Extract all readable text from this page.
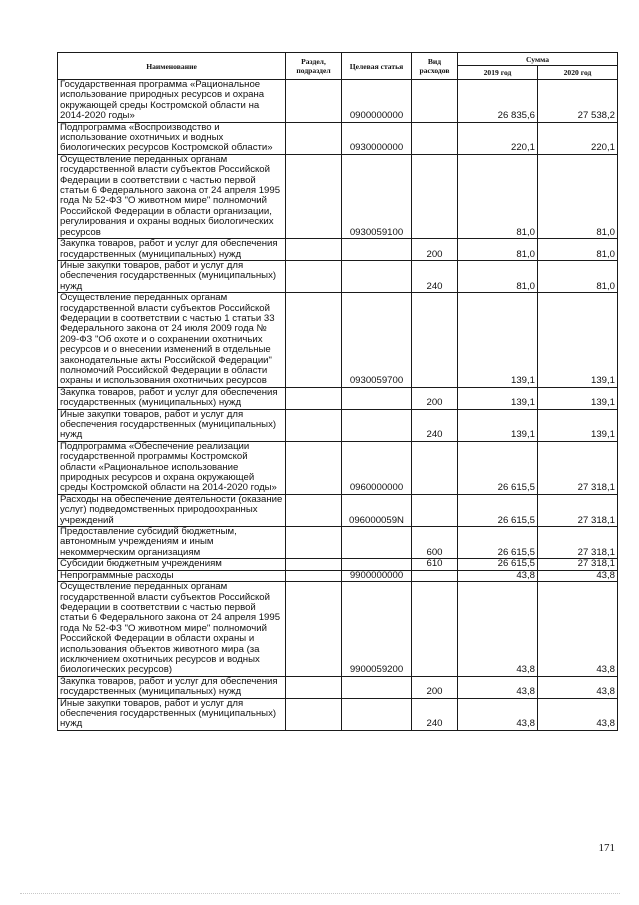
Наименование	Раздел, подраздел	Целевая статья	Вид расходов	Сумма	
				2019 год	2020 год
Государственная программа «Рациональное использование природных ресурсов и охрана окружающей среды Костромской области на 2014-2020 годы»		0900000000		26 835,6	27 538,2
Подпрограмма «Воспроизводство и использование охотничьих и водных биологических ресурсов Костромской области»		0930000000		220,1	220,1
Осуществление переданных органам государственной власти субъектов Российской Федерации в соответствии с частью первой статьи 6 Федерального закона от 24 апреля 1995 года № 52-ФЗ "О животном мире" полномочий Российской Федерации в области организации, регулирования и охраны водных биологических ресурсов		0930059100		81,0	81,0
Закупка товаров, работ и услуг для обеспечения государственных (муниципальных) нужд			200	81,0	81,0
Иные закупки товаров, работ и услуг для обеспечения государственных (муниципальных) нужд			240	81,0	81,0
Осуществление переданных органам государственной власти субъектов Российской Федерации в соответствии с частью 1 статьи 33 Федерального закона от 24 июля 2009 года № 209-ФЗ "Об охоте и о сохранении охотничьих ресурсов и о внесении изменений в отдельные законодательные акты Российской Федерации" полномочий Российской Федерации в области охраны и использования охотничьих ресурсов		0930059700		139,1	139,1
Закупка товаров, работ и услуг для обеспечения государственных (муниципальных) нужд			200	139,1	139,1
Иные закупки товаров, работ и услуг для обеспечения государственных (муниципальных) нужд			240	139,1	139,1
Подпрограмма «Обеспечение реализации государственной программы Костромской области «Рациональное использование природных ресурсов и охрана окружающей среды Костромской области на 2014-2020 годы»		0960000000		26 615,5	27 318,1
Расходы на обеспечение деятельности (оказание услуг) подведомственных природоохранных учреждений		096000059N		26 615,5	27 318,1
Предоставление субсидий бюджетным, автономным учреждениям и иным некоммерческим организациям			600	26 615,5	27 318,1
Субсидии бюджетным учреждениям			610	26 615,5	27 318,1
Непрограммные расходы		9900000000		43,8	43,8
Осуществление переданных органам государственной власти субъектов Российской Федерации в соответствии с частью первой статьи 6 Федерального закона от 24 апреля 1995 года № 52-ФЗ "О животном мире" полномочий Российской Федерации в области охраны и использования объектов животного мира (за исключением охотничьих ресурсов и водных биологических ресурсов)		9900059200		43,8	43,8
Закупка товаров, работ и услуг для обеспечения государственных (муниципальных) нужд			200	43,8	43,8
Иные закупки товаров, работ и услуг для обеспечения государственных (муниципальных) нужд			240	43,8	43,8
171
